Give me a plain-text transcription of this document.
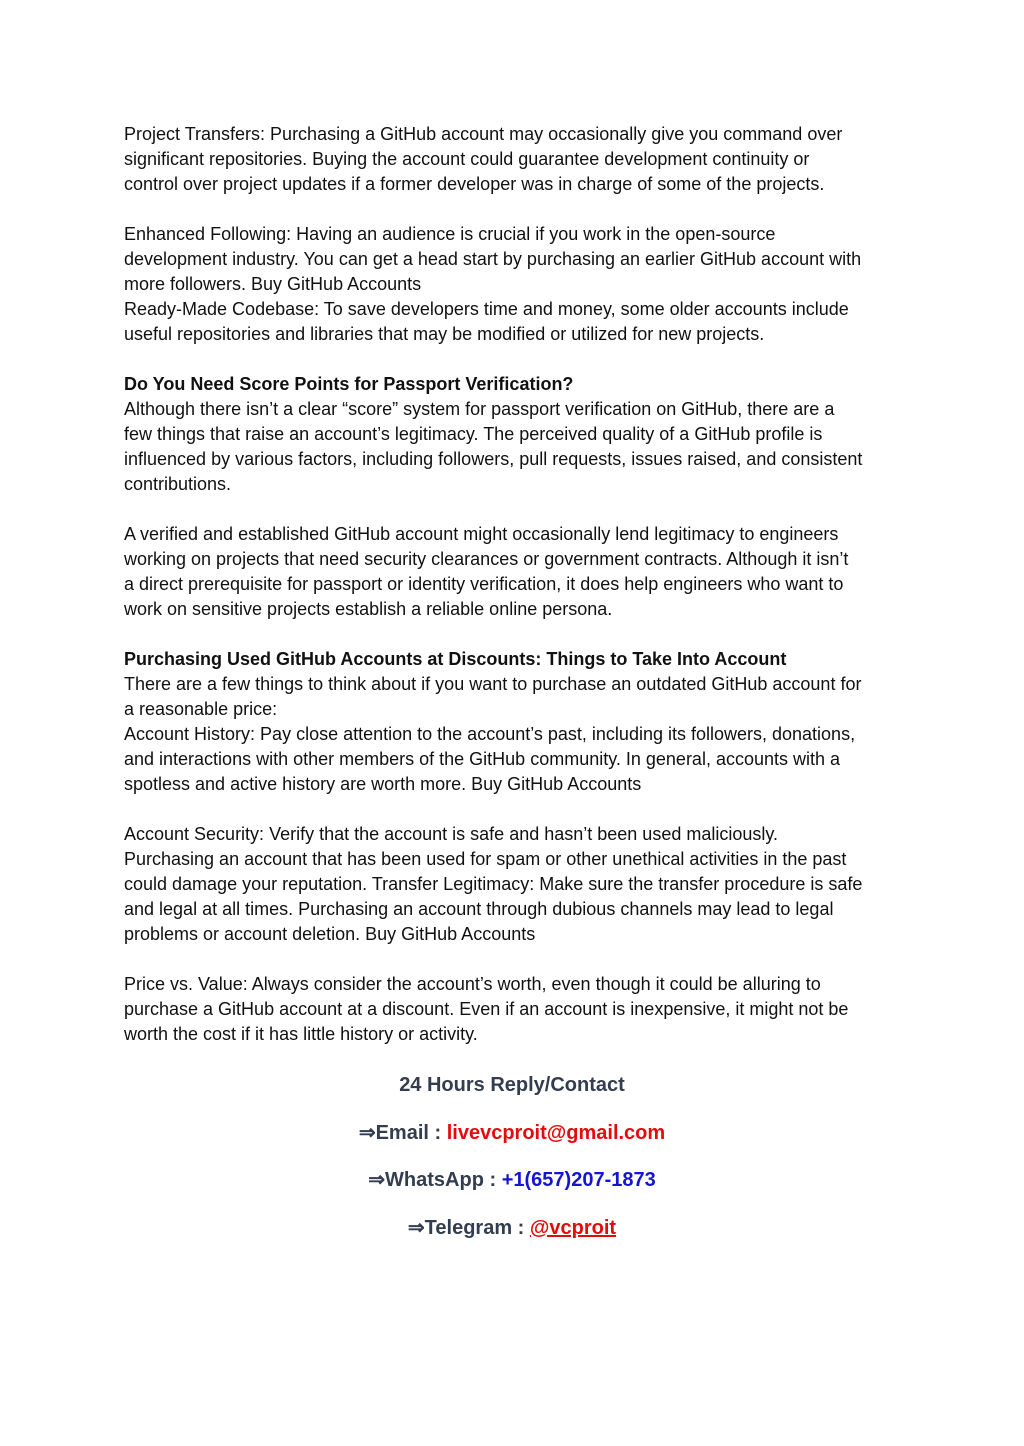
Project Transfers: Purchasing a GitHub account may occasionally give you command over
significant repositories. Buying the account could guarantee development continuity or
control over project updates if a former developer was in charge of some of the projects.
Enhanced Following: Having an audience is crucial if you work in the open-source
development industry. You can get a head start by purchasing an earlier GitHub account with
more followers. Buy GitHub Accounts
Ready-Made Codebase: To save developers time and money, some older accounts include
useful repositories and libraries that may be modified or utilized for new projects.
Do You Need Score Points for Passport Verification?
Although there isn’t a clear “score” system for passport verification on GitHub, there are a
few things that raise an account’s legitimacy. The perceived quality of a GitHub profile is
influenced by various factors, including followers, pull requests, issues raised, and consistent
contributions.
A verified and established GitHub account might occasionally lend legitimacy to engineers
working on projects that need security clearances or government contracts. Although it isn’t
a direct prerequisite for passport or identity verification, it does help engineers who want to
work on sensitive projects establish a reliable online persona.
Purchasing Used GitHub Accounts at Discounts: Things to Take Into Account
There are a few things to think about if you want to purchase an outdated GitHub account for
a reasonable price:
Account History: Pay close attention to the account’s past, including its followers, donations,
and interactions with other members of the GitHub community. In general, accounts with a
spotless and active history are worth more. Buy GitHub Accounts
Account Security: Verify that the account is safe and hasn’t been used maliciously.
Purchasing an account that has been used for spam or other unethical activities in the past
could damage your reputation. Transfer Legitimacy: Make sure the transfer procedure is safe
and legal at all times. Purchasing an account through dubious channels may lead to legal
problems or account deletion. Buy GitHub Accounts
Price vs. Value: Always consider the account’s worth, even though it could be alluring to
purchase a GitHub account at a discount. Even if an account is inexpensive, it might not be
worth the cost if it has little history or activity.
24 Hours Reply/Contact
⇒Email : livevcproit@gmail.com
⇒WhatsApp : +1(657)207-1873
⇒Telegram : @vcproit
